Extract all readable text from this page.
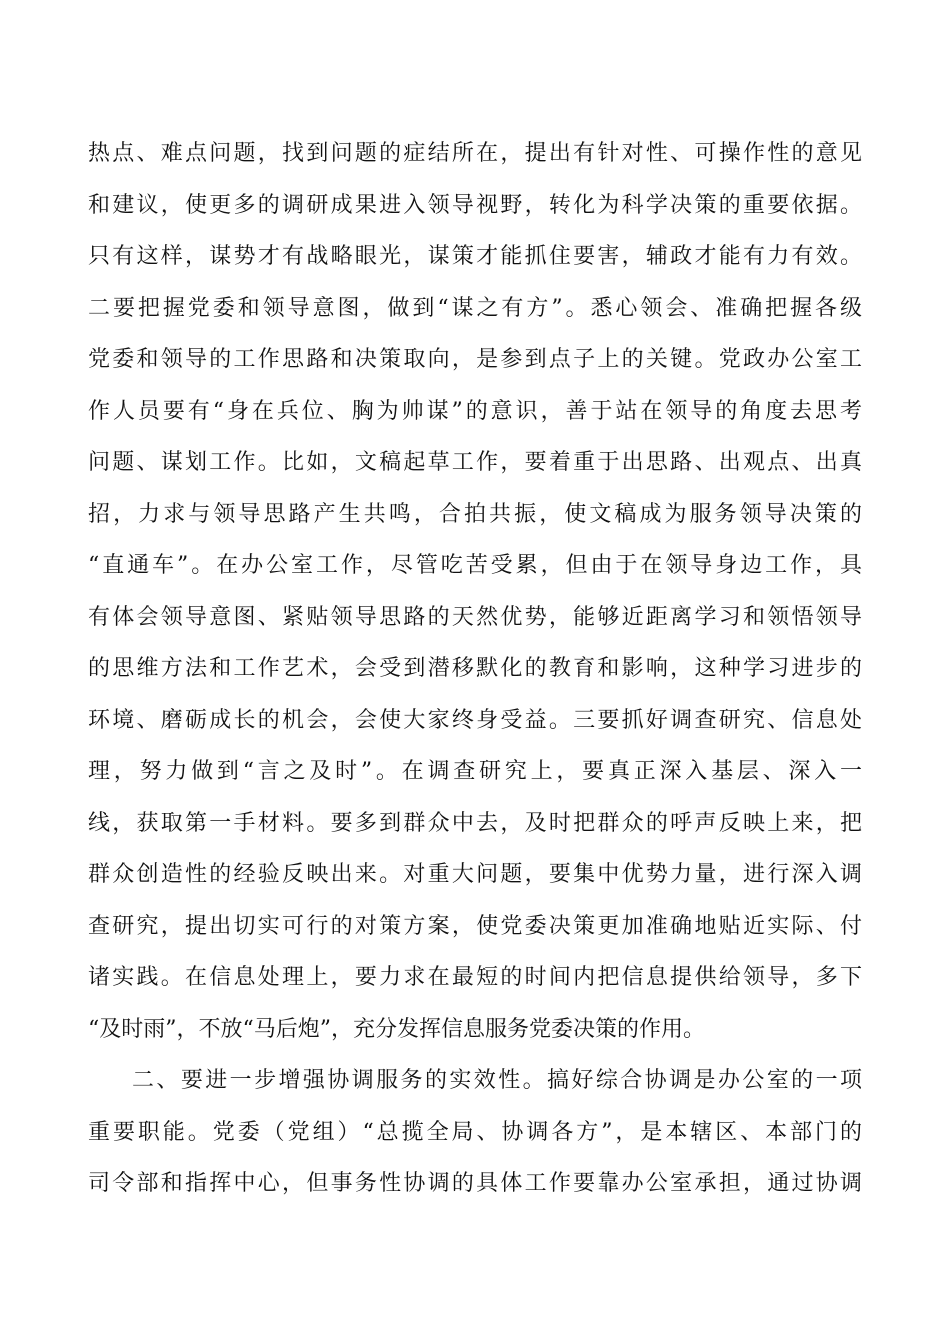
热点、难点问题，找到问题的症结所在，提出有针对性、可操作性的意见
和建议，使更多的调研成果进入领导视野，转化为科学决策的重要依据。
只有这样，谋势才有战略眼光，谋策才能抓住要害，辅政才能有力有效。
二要把握党委和领导意图，做到“谋之有方”。悉心领会、准确把握各级
党委和领导的工作思路和决策取向，是参到点子上的关键。党政办公室工
作人员要有“身在兵位、胸为帅谋”的意识，善于站在领导的角度去思考
问题、谋划工作。比如，文稿起草工作，要着重于出思路、出观点、出真
招，力求与领导思路产生共鸣，合拍共振，使文稿成为服务领导决策的
“直通车”。在办公室工作，尽管吃苦受累，但由于在领导身边工作，具
有体会领导意图、紧贴领导思路的天然优势，能够近距离学习和领悟领导
的思维方法和工作艺术，会受到潜移默化的教育和影响，这种学习进步的
环境、磨砺成长的机会，会使大家终身受益。三要抓好调查研究、信息处
理，努力做到“言之及时”。在调查研究上，要真正深入基层、深入一
线，获取第一手材料。要多到群众中去，及时把群众的呼声反映上来，把
群众创造性的经验反映出来。对重大问题，要集中优势力量，进行深入调
查研究，提出切实可行的对策方案，使党委决策更加准确地贴近实际、付
诸实践。在信息处理上，要力求在最短的时间内把信息提供给领导，多下
“及时雨”，不放“马后炮”，充分发挥信息服务党委决策的作用。
二、要进一步增强协调服务的实效性。搞好综合协调是办公室的一项
重要职能。党委（党组）“总揽全局、协调各方”，是本辖区、本部门的
司令部和指挥中心，但事务性协调的具体工作要靠办公室承担，通过协调
